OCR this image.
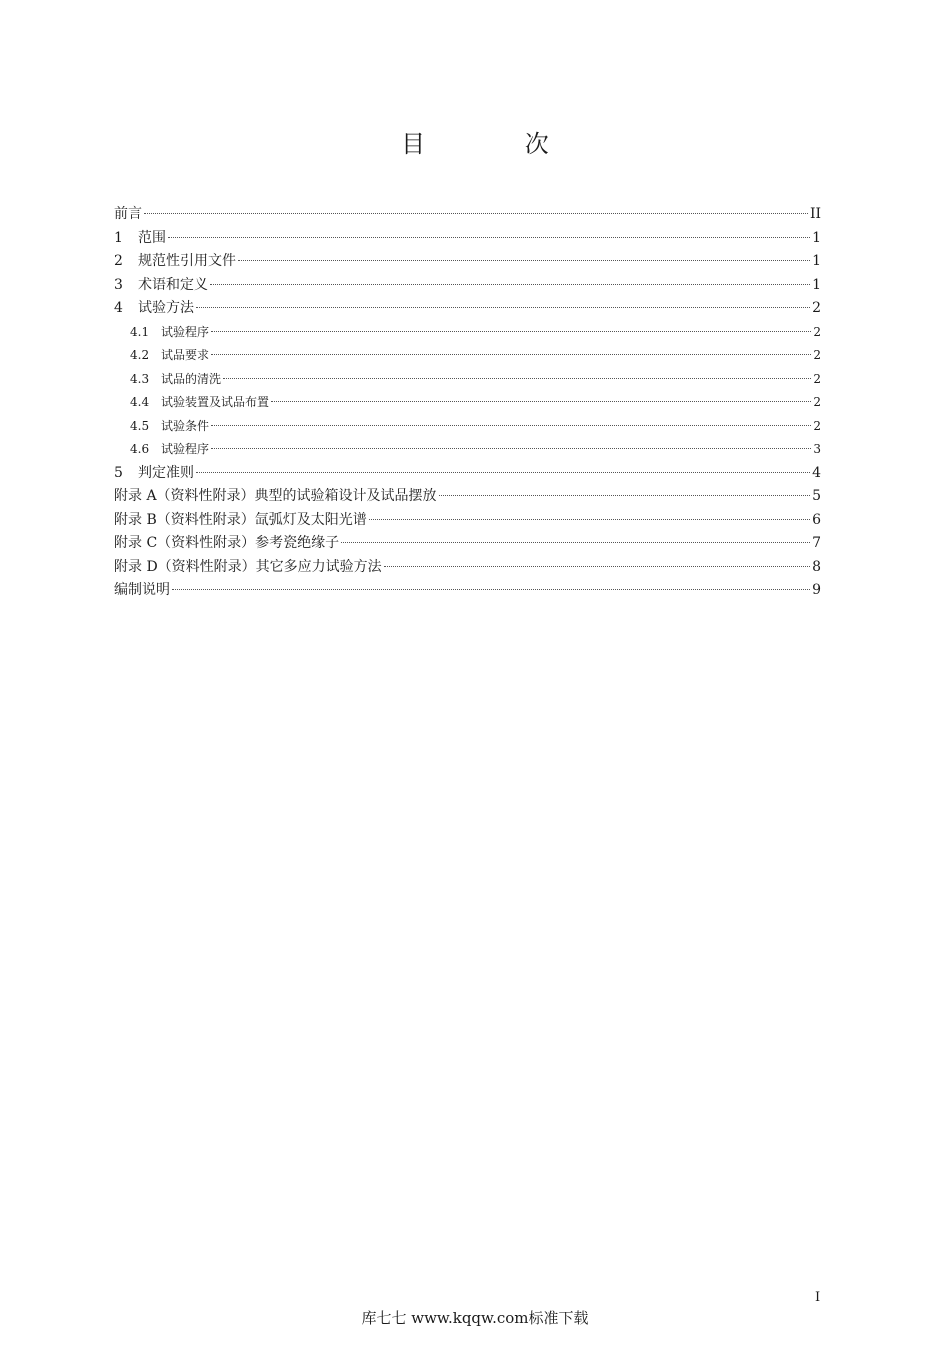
目 次
前言	II
1	范围	1
2	规范性引用文件	1
3	术语和定义	1
4	试验方法	2
4.1 试验程序	2
4.2 试品要求	2
4.3 试品的清洗	2
4.4 试验装置及试品布置	2
4.5 试验条件	2
4.6 试验程序	3
5	判定准则	4
附录 A（资料性附录）典型的试验箱设计及试品摆放	5
附录 B（资料性附录）氙弧灯及太阳光谱	6
附录 C（资料性附录）参考瓷绝缘子	7
附录 D（资料性附录）其它多应力试验方法	8
编制说明	9
I
库七七 www.kqqw.com标准下载
